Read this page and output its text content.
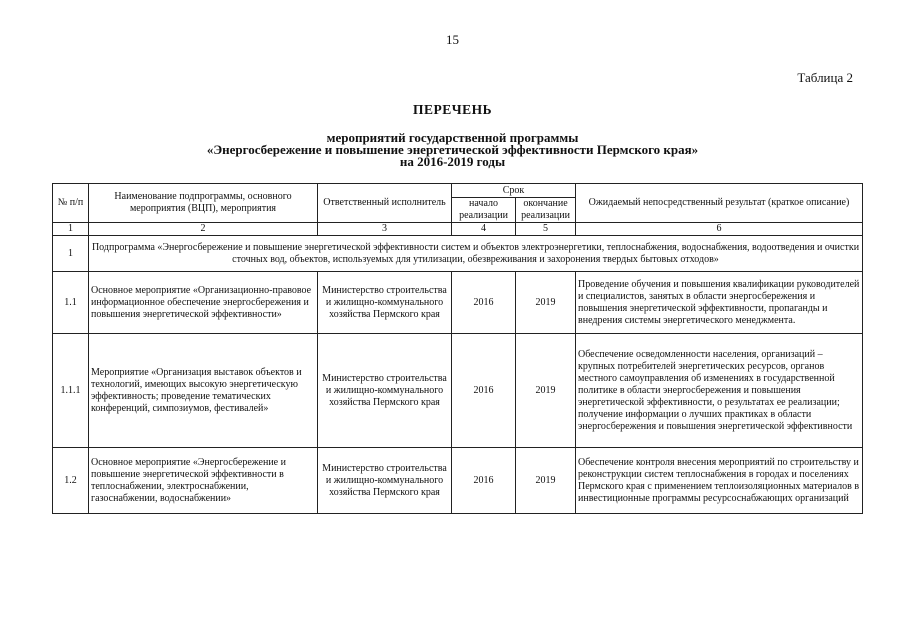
15
Таблица 2
ПЕРЕЧЕНЬ
мероприятий государственной программы
«Энергосбережение и повышение энергетической эффективности Пермского края»
на 2016-2019 годы
№ п/п	Наименование подпрограммы, основного мероприятия (ВЦП), мероприятия	Ответственный исполнитель	Срок		Ожидаемый непосредственный результат (краткое описание)
			начало реализации	окончание реализации	
1	2	3	4	5	6
1	Подпрограмма «Энергосбережение и повышение энергетической эффективности систем и объектов электроэнергетики, теплоснабжения, водоснабжения, водоотведения и очистки сточных вод, объектов, используемых для утилизации, обезвреживания и захоронения твердых бытовых отходов»				
1.1	Основное мероприятие «Организационно-правовое информационное обеспечение энергосбережения и повышения энергетической эффективности»	Министерство строительства и жилищно-коммунального хозяйства Пермского края	2016	2019	Проведение обучения и повышения квалификации руководителей и специалистов, занятых в области энергосбережения и повышения энергетической эффективности, пропаганды и внедрения системы энергетического менеджмента.
1.1.1	Мероприятие «Организация выставок объектов и технологий, имеющих высокую энергетическую эффективность; проведение тематических конференций, симпозиумов, фестивалей»	Министерство строительства и жилищно-коммунального хозяйства Пермского края	2016	2019	Обеспечение осведомленности населения, организаций – крупных потребителей энергетических ресурсов, органов местного самоуправления об изменениях в государственной политике в области энергосбережения и повышения энергетической эффективности, о результатах ее реализации; получение информации о лучших практиках в области энергосбережения и повышения энергетической эффективности
1.2	Основное мероприятие «Энергосбережение и повышение энергетической эффективности в теплоснабжении, электроснабжении, газоснабжении, водоснабжении»	Министерство строительства и жилищно-коммунального хозяйства Пермского края	2016	2019	Обеспечение контроля внесения мероприятий по строительству и реконструкции систем теплоснабжения в городах и поселениях Пермского края с применением теплоизоляционных материалов в инвестиционные программы ресурсоснабжающих организаций
